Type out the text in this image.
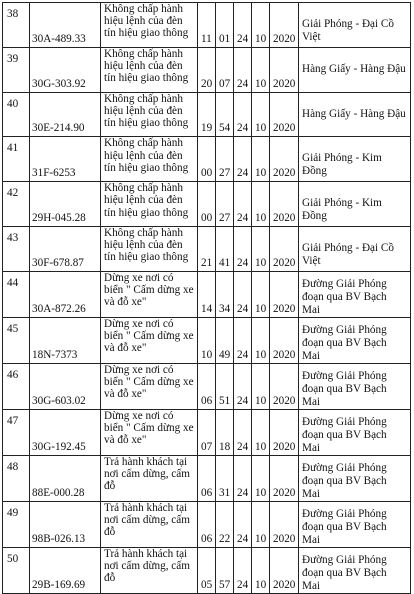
38	30A-489.33	Không chấp hành hiệu lệnh của đèn tín hiệu giao thông	11	01	24	10	2020	Giải Phóng - Đại Cồ Việt
39	30G-303.92	Không chấp hành hiệu lệnh của đèn tín hiệu giao thông	20	07	24	10	2020	Hàng Giấy - Hàng Đậu
40	30E-214.90	Không chấp hành hiệu lệnh của đèn tín hiệu giao thông	19	54	24	10	2020	Hàng Giấy - Hàng Đậu
41	31F-6253	Không chấp hành hiệu lệnh của đèn tín hiệu giao thông	00	27	24	10	2020	Giải Phóng - Kim Đồng
42	29H-045.28	Không chấp hành hiệu lệnh của đèn tín hiệu giao thông	00	27	24	10	2020	Giải Phóng - Kim Đồng
43	30F-678.87	Không chấp hành hiệu lệnh của đèn tín hiệu giao thông	21	41	24	10	2020	Giải Phóng - Đại Cồ Việt
44	30A-872.26	Dừng xe nơi có biển " Cấm dừng xe và đỗ xe"	14	34	24	10	2020	Đường Giải Phóng đoạn qua BV Bạch Mai
45	18N-7373	Dừng xe nơi có biển " Cấm dừng xe và đỗ xe"	10	49	24	10	2020	Đường Giải Phóng đoạn qua BV Bạch Mai
46	30G-603.02	Dừng xe nơi có biển " Cấm dừng xe và đỗ xe"	06	51	24	10	2020	Đường Giải Phóng đoạn qua BV Bạch Mai
47	30G-192.45	Dừng xe nơi có biển " Cấm dừng xe và đỗ xe"	07	18	24	10	2020	Đường Giải Phóng đoạn qua BV Bạch Mai
48	88E-000.28	Trả hành khách tại nơi cấm dừng, cấm đỗ	06	31	24	10	2020	Đường Giải Phóng đoạn qua BV Bạch Mai
49	98B-026.13	Trả hành khách tại nơi cấm dừng, cấm đỗ	06	22	24	10	2020	Đường Giải Phóng đoạn qua BV Bạch Mai
50	29B-169.69	Trả hành khách tại nơi cấm dừng, cấm đỗ	05	57	24	10	2020	Đường Giải Phóng đoạn qua BV Bạch Mai
